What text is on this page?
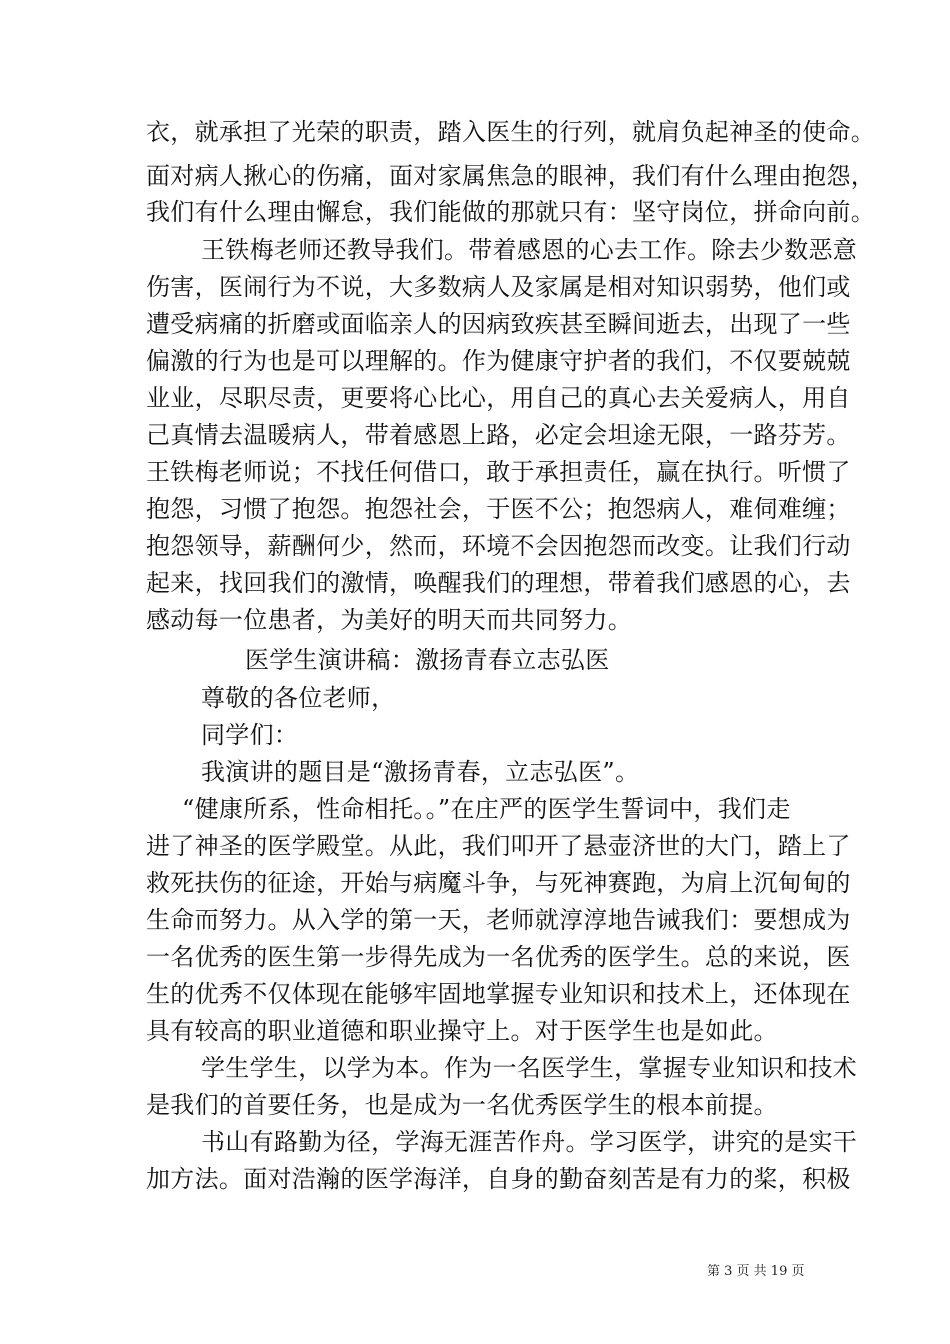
衣，就承担了光荣的职责，踏入医生的行列，就肩负起神圣的使命。
面对病人揪心的伤痛，面对家属焦急的眼神，我们有什么理由抱怨，
我们有什么理由懈怠，我们能做的那就只有：坚守岗位，拼命向前。
王铁梅老师还教导我们。带着感恩的心去工作。除去少数恶意
伤害，医闹行为不说，大多数病人及家属是相对知识弱势，他们或
遭受病痛的折磨或面临亲人的因病致疾甚至瞬间逝去，出现了一些
偏激的行为也是可以理解的。作为健康守护者的我们，不仅要兢兢
业业，尽职尽责，更要将心比心，用自己的真心去关爱病人，用自
己真情去温暖病人，带着感恩上路，必定会坦途无限，一路芬芳。
王铁梅老师说；不找任何借口，敢于承担责任，赢在执行。听惯了
抱怨，习惯了抱怨。抱怨社会，于医不公；抱怨病人，难伺难缠；
抱怨领导，薪酬何少，然而，环境不会因抱怨而改变。让我们行动
起来，找回我们的激情，唤醒我们的理想，带着我们感恩的心，去
感动每一位患者，为美好的明天而共同努力。
医学生演讲稿：激扬青春立志弘医
尊敬的各位老师，
同学们：
我演讲的题目是“激扬青春，立志弘医”。
“健康所系，性命相托。。”在庄严的医学生誓词中，我们走
进了神圣的医学殿堂。从此，我们叩开了悬壶济世的大门，踏上了
救死扶伤的征途，开始与病魔斗争，与死神赛跑，为肩上沉甸甸的
生命而努力。从入学的第一天，老师就淳淳地告诫我们：要想成为
一名优秀的医生第一步得先成为一名优秀的医学生。总的来说，医
生的优秀不仅体现在能够牢固地掌握专业知识和技术上，还体现在
具有较高的职业道德和职业操守上。对于医学生也是如此。
学生学生，以学为本。作为一名医学生，掌握专业知识和技术
是我们的首要任务，也是成为一名优秀医学生的根本前提。
书山有路勤为径，学海无涯苦作舟。学习医学，讲究的是实干
加方法。面对浩瀚的医学海洋，自身的勤奋刻苦是有力的桨，积极
第 3 页 共 19 页
